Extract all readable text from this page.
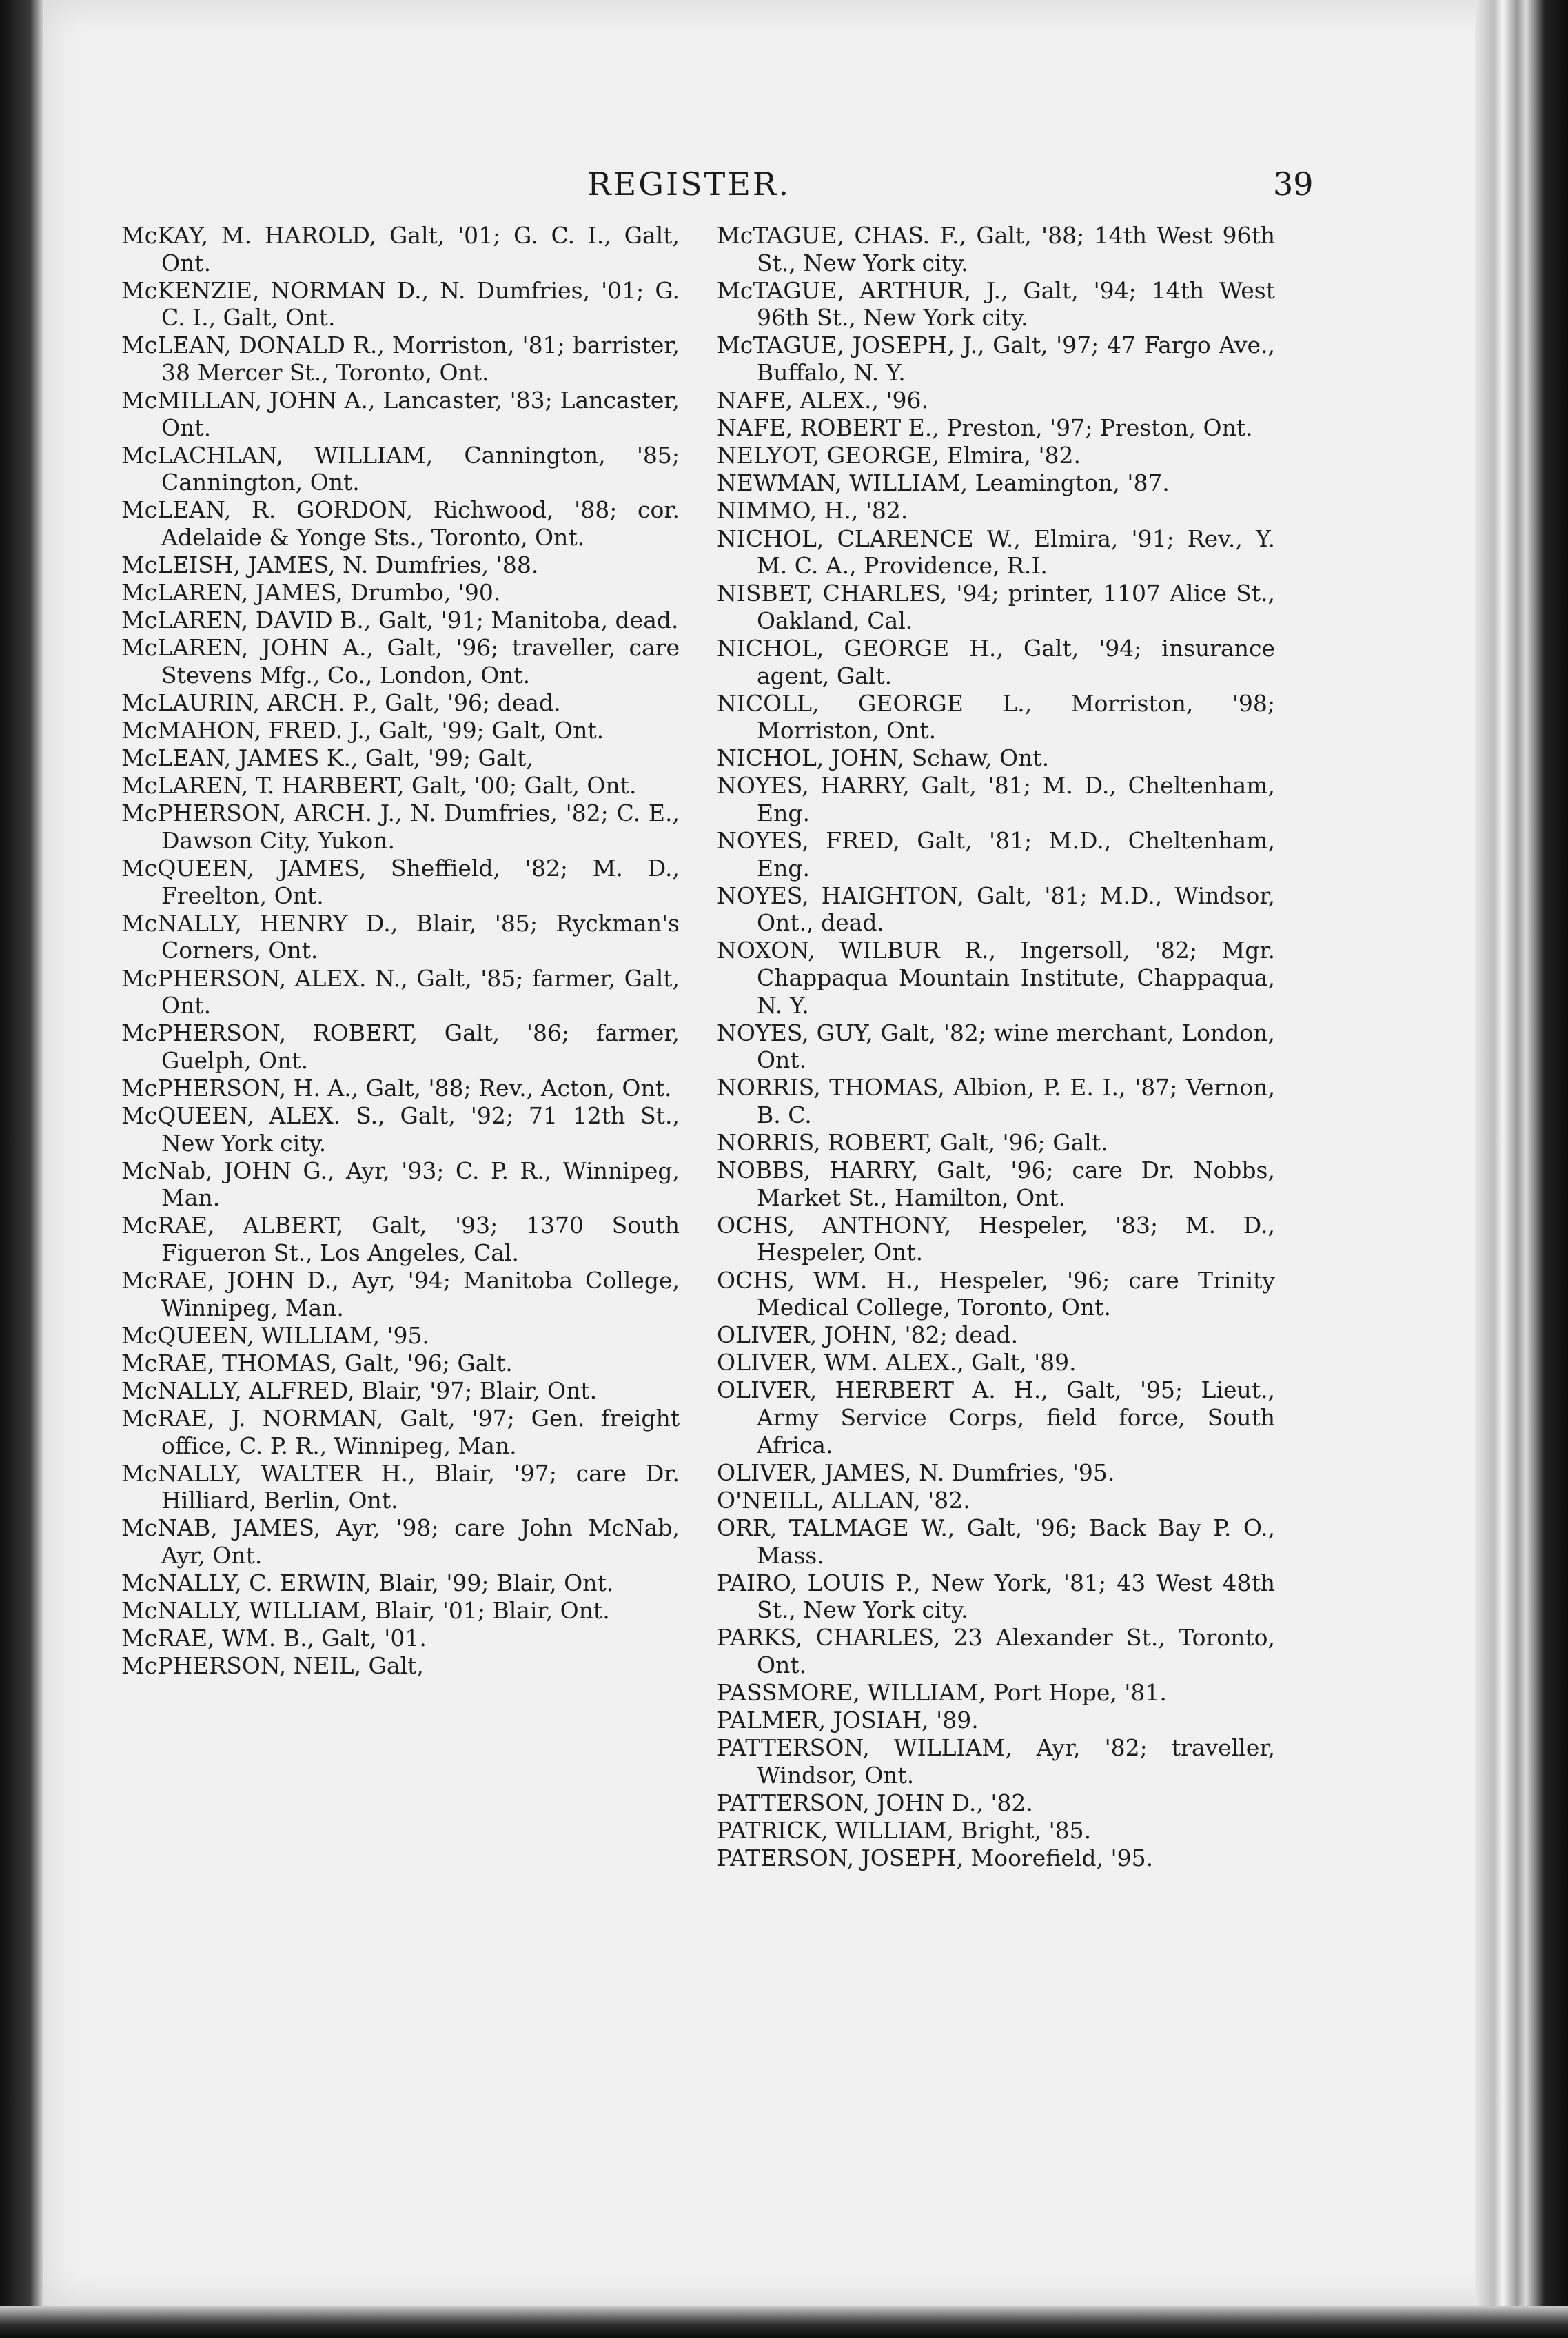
REGISTER.	39
McKAY, M. HAROLD, Galt, '01; G. C. I., Galt, Ont.
McKENZIE, NORMAN D., N. Dumfries, '01; G. C. I., Galt, Ont.
McLEAN, DONALD R., Morriston, '81; barrister, 38 Mercer St., Toronto, Ont.
McMILLAN, JOHN A., Lancaster, '83; Lancaster, Ont.
McLACHLAN, WILLIAM, Cannington, '85; Cannington, Ont.
McLEAN, R. GORDON, Richwood, '88; cor. Adelaide & Yonge Sts., Toronto, Ont.
McLEISH, JAMES, N. Dumfries, '88.
McLAREN, JAMES, Drumbo, '90.
McLAREN, DAVID B., Galt, '91; Manitoba, dead.
McLAREN, JOHN A., Galt, '96; traveller, care Stevens Mfg., Co., London, Ont.
McLAURIN, ARCH. P., Galt, '96; dead.
McMAHON, FRED. J., Galt, '99; Galt, Ont.
McLEAN, JAMES K., Galt, '99; Galt,
McLAREN, T. HARBERT, Galt, '00; Galt, Ont.
McPHERSON, ARCH. J., N. Dumfries, '82; C. E., Dawson City, Yukon.
McQUEEN, JAMES, Sheffield, '82; M. D., Freelton, Ont.
McNALLY, HENRY D., Blair, '85; Ryckman's Corners, Ont.
McPHERSON, ALEX. N., Galt, '85; farmer, Galt, Ont.
McPHERSON, ROBERT, Galt, '86; farmer, Guelph, Ont.
McPHERSON, H. A., Galt, '88; Rev., Acton, Ont.
McQUEEN, ALEX. S., Galt, '92; 71 12th St., New York city.
McNab, JOHN G., Ayr, '93; C. P. R., Winnipeg, Man.
McRAE, ALBERT, Galt, '93; 1370 South Figueron St., Los Angeles, Cal.
McRAE, JOHN D., Ayr, '94; Manitoba College, Winnipeg, Man.
McQUEEN, WILLIAM, '95.
McRAE, THOMAS, Galt, '96; Galt.
McNALLY, ALFRED, Blair, '97; Blair, Ont.
McRAE, J. NORMAN, Galt, '97; Gen. freight office, C. P. R., Winnipeg, Man.
McNALLY, WALTER H., Blair, '97; care Dr. Hilliard, Berlin, Ont.
McNAB, JAMES, Ayr, '98; care John McNab, Ayr, Ont.
McNALLY, C. ERWIN, Blair, '99; Blair, Ont.
McNALLY, WILLIAM, Blair, '01; Blair, Ont.
McRAE, WM. B., Galt, '01.
McPHERSON, NEIL, Galt,
McTAGUE, CHAS. F., Galt, '88; 14th West 96th St., New York city.
McTAGUE, ARTHUR, J., Galt, '94; 14th West 96th St., New York city.
McTAGUE, JOSEPH, J., Galt, '97; 47 Fargo Ave., Buffalo, N. Y.
NAFE, ALEX., '96.
NAFE, ROBERT E., Preston, '97; Preston, Ont.
NELYOT, GEORGE, Elmira, '82.
NEWMAN, WILLIAM, Leamington, '87.
NIMMO, H., '82.
NICHOL, CLARENCE W., Elmira, '91; Rev., Y. M. C. A., Providence, R.I.
NISBET, CHARLES, '94; printer, 1107 Alice St., Oakland, Cal.
NICHOL, GEORGE H., Galt, '94; insurance agent, Galt.
NICOLL, GEORGE L., Morriston, '98; Morriston, Ont.
NICHOL, JOHN, Schaw, Ont.
NOYES, HARRY, Galt, '81; M. D., Cheltenham, Eng.
NOYES, FRED, Galt, '81; M.D., Cheltenham, Eng.
NOYES, HAIGHTON, Galt, '81; M.D., Windsor, Ont., dead.
NOXON, WILBUR R., Ingersoll, '82; Mgr. Chappaqua Mountain Institute, Chappaqua, N. Y.
NOYES, GUY, Galt, '82; wine merchant, London, Ont.
NORRIS, THOMAS, Albion, P. E. I., '87; Vernon, B. C.
NORRIS, ROBERT, Galt, '96; Galt.
NOBBS, HARRY, Galt, '96; care Dr. Nobbs, Market St., Hamilton, Ont.
OCHS, ANTHONY, Hespeler, '83; M. D., Hespeler, Ont.
OCHS, WM. H., Hespeler, '96; care Trinity Medical College, Toronto, Ont.
OLIVER, JOHN, '82; dead.
OLIVER, WM. ALEX., Galt, '89.
OLIVER, HERBERT A. H., Galt, '95; Lieut., Army Service Corps, field force, South Africa.
OLIVER, JAMES, N. Dumfries, '95.
O'NEILL, ALLAN, '82.
ORR, TALMAGE W., Galt, '96; Back Bay P. O., Mass.
PAIRO, LOUIS P., New York, '81; 43 West 48th St., New York city.
PARKS, CHARLES, 23 Alexander St., Toronto, Ont.
PASSMORE, WILLIAM, Port Hope, '81.
PALMER, JOSIAH, '89.
PATTERSON, WILLIAM, Ayr, '82; traveller, Windsor, Ont.
PATTERSON, JOHN D., '82.
PATRICK, WILLIAM, Bright, '85.
PATERSON, JOSEPH, Moorefield, '95.
